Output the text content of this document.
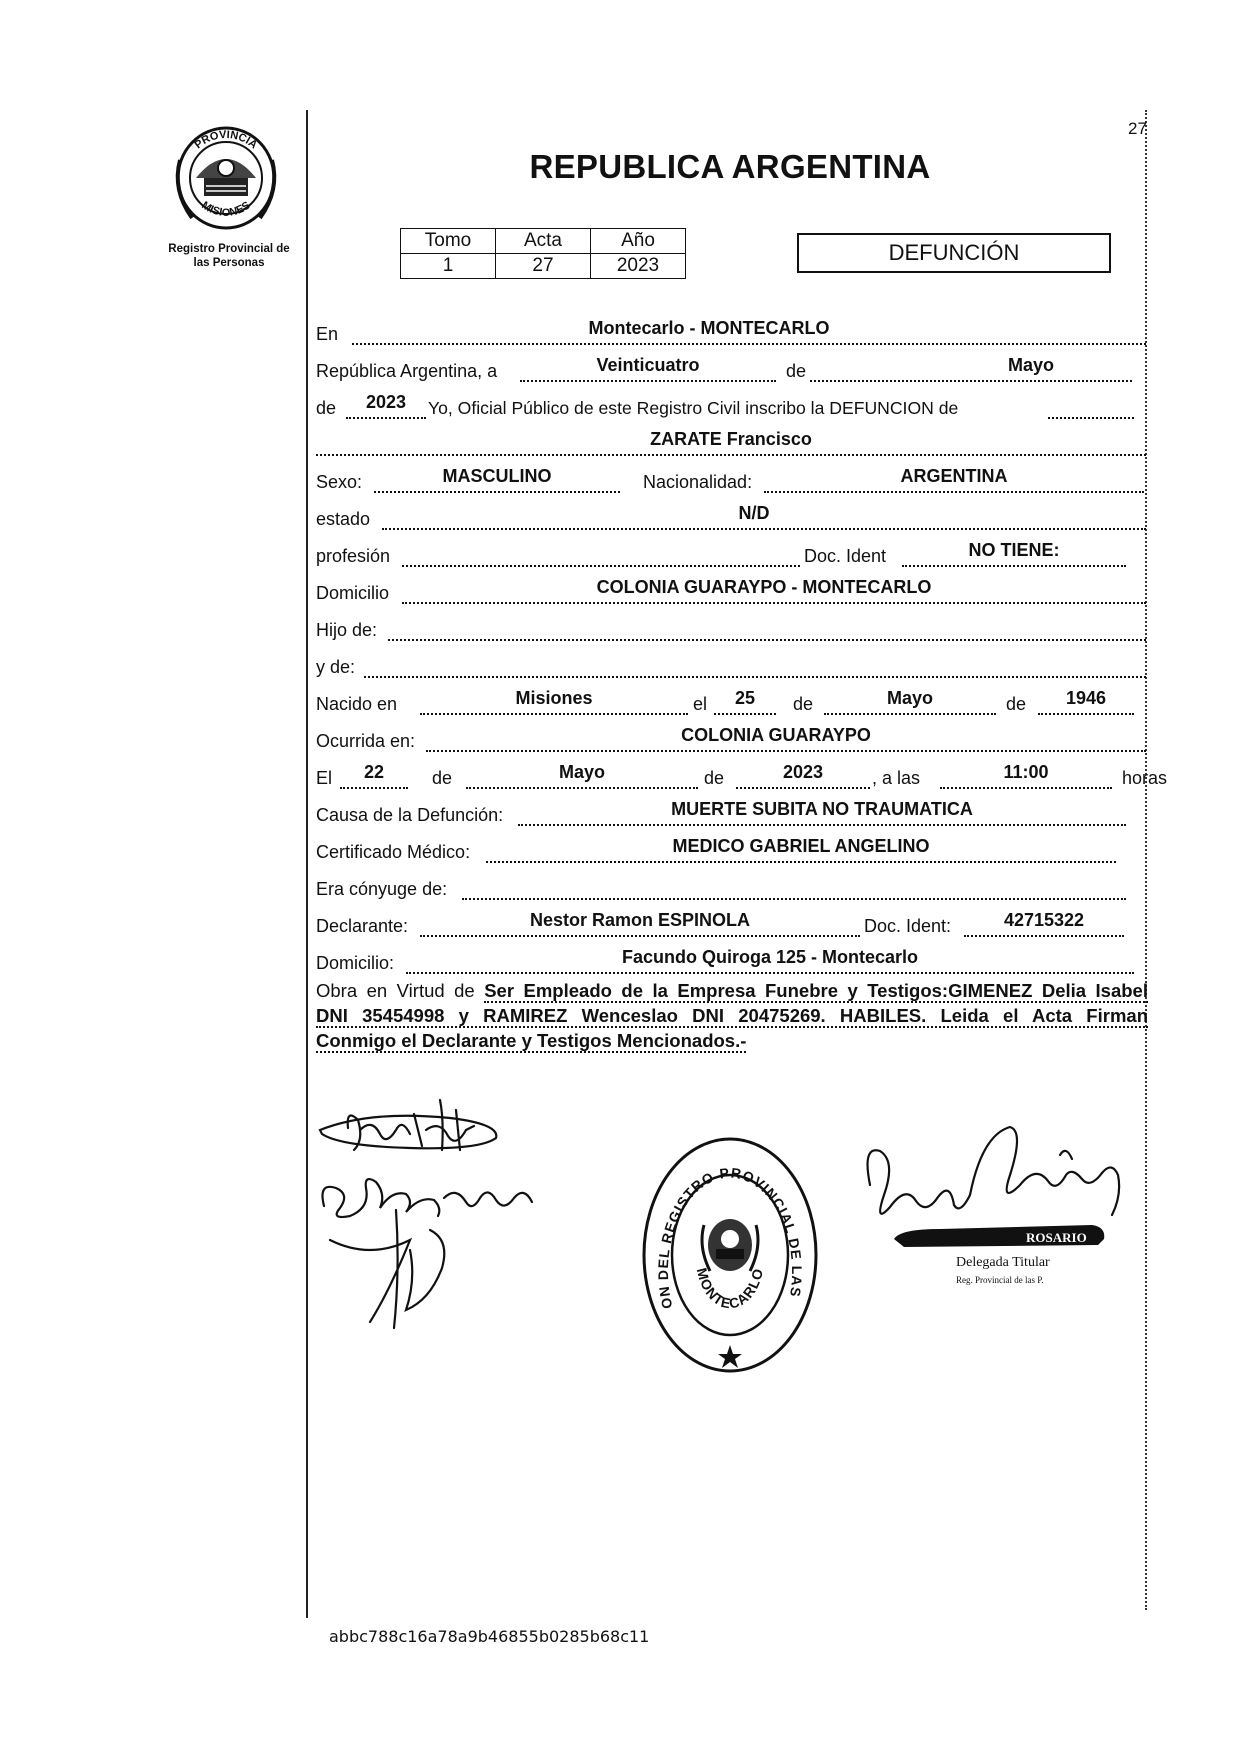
PROVINCIA
MISIONES
Registro Provincial de
las Personas
27
REPUBLICA ARGENTINA
Tomo	Acta	Año
1	27	2023
DEFUNCIÓN
En	Montecarlo - MONTECARLO
República Argentina, a	Veinticuatro	de	Mayo
de	2023	Yo, Oficial Público de este Registro Civil inscribo la DEFUNCION de
ZARATE Francisco
Sexo:	MASCULINO	Nacionalidad:	ARGENTINA
estado	N/D
profesión	Doc. Ident	NO TIENE:
Domicilio	COLONIA GUARAYPO - MONTECARLO
Hijo de:
y de:
Nacido en	Misiones	el	25	de	Mayo	de	1946
Ocurrida en:	COLONIA GUARAYPO
El	22	de	Mayo	de	2023	, a las	11:00	horas
Causa de la Defunción:	MUERTE SUBITA NO TRAUMATICA
Certificado Médico:	MEDICO GABRIEL ANGELINO
Era cónyuge de:
Declarante:	Nestor Ramon ESPINOLA	Doc. Ident:	42715322
Domicilio:	Facundo Quiroga 125 - Montecarlo
Obra en Virtud de Ser Empleado de la Empresa Funebre y Testigos:GIMENEZ Delia Isabel
DNI 35454998 y RAMIREZ Wenceslao DNI 20475269. HABILES. Leida el Acta Firman
Conmigo el Declarante y Testigos Mencionados.-
ON DEL REGISTRO PROVINCIAL DE LAS
MONTECARLO
ROSARIO
Delegada Titular
Reg. Provincial de las P.
abbc788c16a78a9b46855b0285b68c11
